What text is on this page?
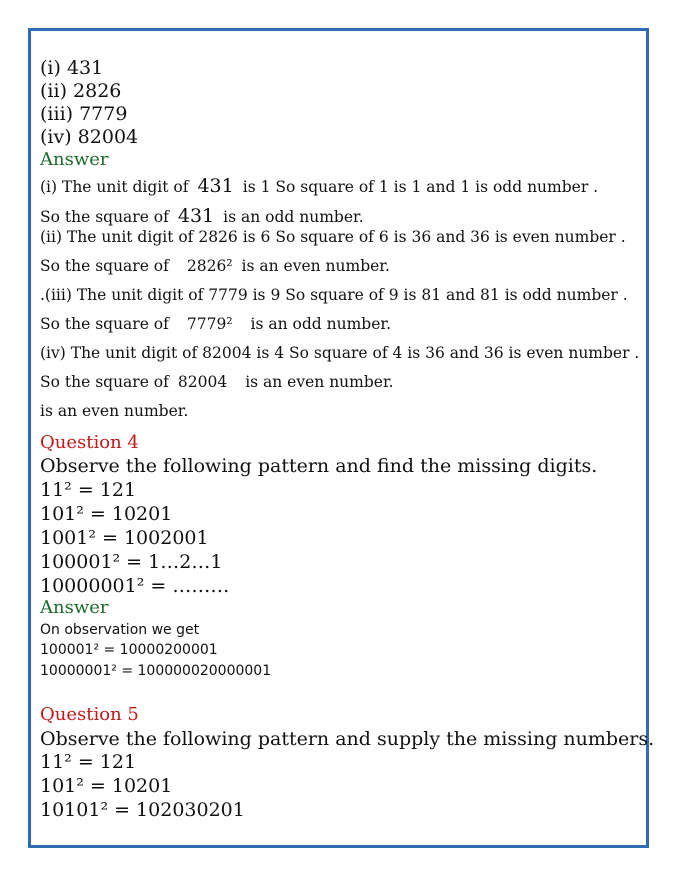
(i) 431
(ii) 2826
(iii) 7779
(iv) 82004
Answer
(i) The unit digit of 431 is 1 So square of 1 is 1 and 1 is odd number .
So the square of 431 is an odd number.
(ii) The unit digit of 2826 is 6 So square of 6 is 36 and 36 is even number .
So the square of 2826² is an even number.
.(iii) The unit digit of 7779 is 9 So square of 9 is 81 and 81 is odd number .
So the square of 7779² is an odd number.
(iv) The unit digit of 82004 is 4 So square of 4 is 36 and 36 is even number .
So the square of 82004 is an even number.
is an even number.
Question 4
Observe the following pattern and find the missing digits.
11² = 121
101² = 10201
1001² = 1002001
100001² = 1…2…1
10000001² = ………
Answer
On observation we get
100001² = 10000200001
10000001² = 100000020000001
Question 5
Observe the following pattern and supply the missing numbers.
11² = 121
101² = 10201
10101² = 102030201
